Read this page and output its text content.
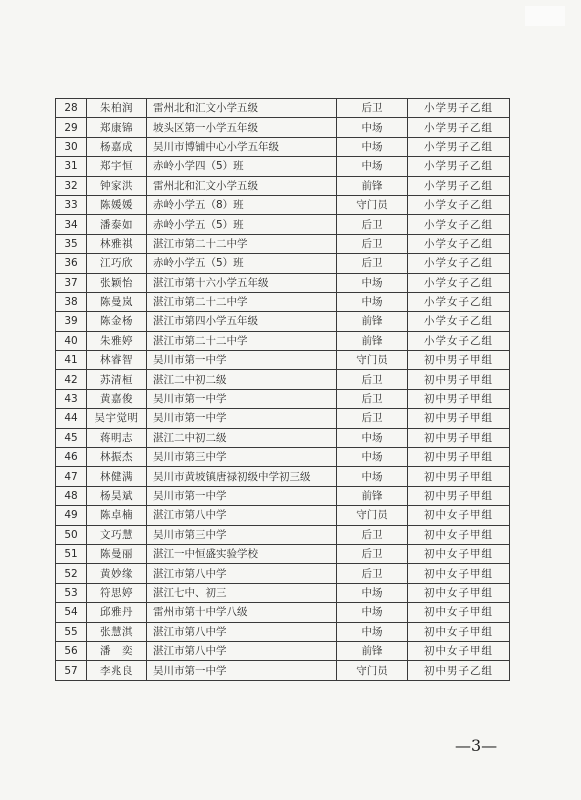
28	朱柏润	雷州北和汇文小学五级	后卫	小学男子乙组
29	郑康锦	坡头区第一小学五年级	中场	小学男子乙组
30	杨嘉成	吴川市博铺中心小学五年级	中场	小学男子乙组
31	郑宇恒	赤岭小学四（5）班	中场	小学男子乙组
32	钟家洪	雷州北和汇文小学五级	前锋	小学男子乙组
33	陈媛媛	赤岭小学五（8）班	守门员	小学女子乙组
34	潘泰如	赤岭小学五（5）班	后卫	小学女子乙组
35	林雅祺	湛江市第二十二中学	后卫	小学女子乙组
36	江巧欣	赤岭小学五（5）班	后卫	小学女子乙组
37	张颖怡	湛江市第十六小学五年级	中场	小学女子乙组
38	陈曼岚	湛江市第二十二中学	中场	小学女子乙组
39	陈金杨	湛江市第四小学五年级	前锋	小学女子乙组
40	朱雅婷	湛江市第二十二中学	前锋	小学女子乙组
41	林睿智	吴川市第一中学	守门员	初中男子甲组
42	苏清桓	湛江二中初二级	后卫	初中男子甲组
43	黄嘉俊	吴川市第一中学	后卫	初中男子甲组
44	吴宇觉明	吴川市第一中学	后卫	初中男子甲组
45	蒋明志	湛江二中初二级	中场	初中男子甲组
46	林振杰	吴川市第三中学	中场	初中男子甲组
47	林健满	吴川市黄坡镇唐禄初级中学初三级	中场	初中男子甲组
48	杨昊斌	吴川市第一中学	前锋	初中男子甲组
49	陈卓楠	湛江市第八中学	守门员	初中女子甲组
50	文巧慧	吴川市第三中学	后卫	初中女子甲组
51	陈曼丽	湛江一中恒盛实验学校	后卫	初中女子甲组
52	黄妙缘	湛江市第八中学	后卫	初中女子甲组
53	符思婷	湛江七中、初三	中场	初中女子甲组
54	邱雅丹	雷州市第十中学八级	中场	初中女子甲组
55	张慧淇	湛江市第八中学	中场	初中女子甲组
56	潘　奕	湛江市第八中学	前锋	初中女子甲组
57	李兆良	吴川市第一中学	守门员	初中男子乙组
—3—
